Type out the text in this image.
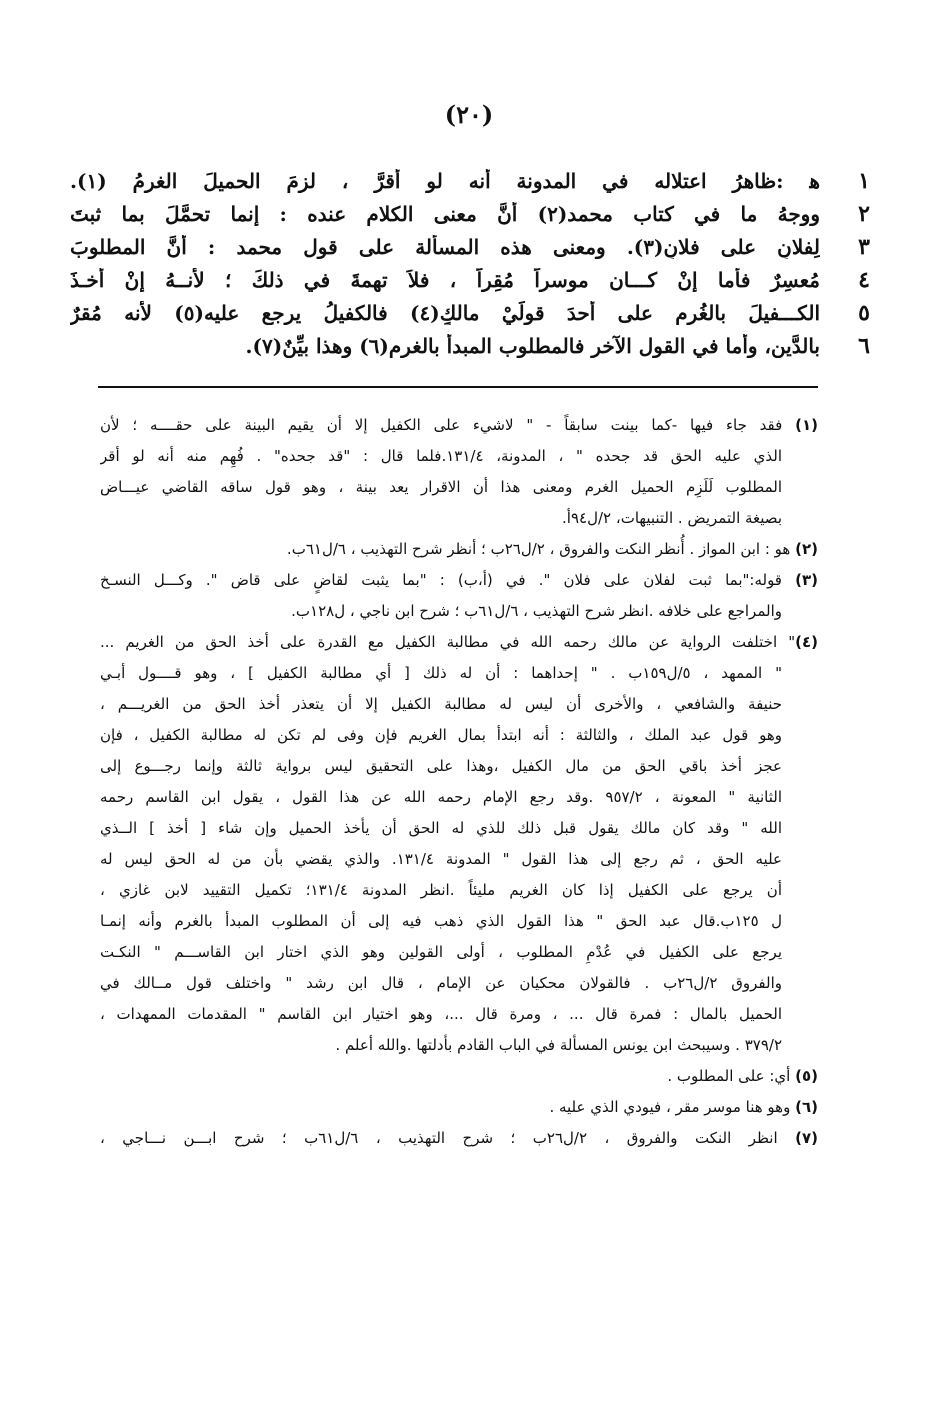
(٢٠)
١
ﮬ :ظاهرُ اعتلاله في المدونة أنه لو أقرَّ ، لزِمَ الحميلَ الغرمُ (١).
٢
ووجهُ ما في كتاب محمد(٢) أنَّ معنى الكلام عنده : إنما تحمَّلَ بما ثبتَ
٣
لِفلانٍ على فلانٍ(٣). ومعنى هذه المسألة على قول محمد : أنَّ المطلوبَ
٤
مُعسِرٌ فأما إنْ كـــان موسراً مُقِراً ، فلاَ تهمةَ في ذلكَ ؛ لأنــهُ إنْ أخـذَ
٥
الكـــفيلَ بالغُرمِ على أحدَ قولَيْ مالكٍ(٤) فالكفيلُ يرجع عليه(٥) لأنه مُقرٌ
٦
بالدَّينِ، وأما في القول الآخرِ فالمطلوب المبدأُ بالغرمِ(٦) وهذا بيِّنٌ(٧).
(١) فقد جاء فيها -كما بينت سابقاً - " لاشيء على الكفيل إلا أن يقيم البينة على حقــــه ؛ لأن
الذي عليه الحق قد جحده " ، المدونة، ١٣١/٤.فلما قال : "قد جحده" . فُهِم منه أنه لو أقر
المطلوب لَلَزِم الحميل الغرم ومعنى هذا أن الاقرار يعد بينة ، وهو قول ساقه القاضي عيـــاض
بصيغة التمريض . التنبيهات، ٢/ل٩٤أ.
(٢) هو : ابن المواز . أُنظر النكت والفروق ، ٢/ل٢٦ب ؛ أنظر شرح التهذيب ، ٦/ل٦١ب.
(٣) قوله:"بما ثبت لفلان على فلان ". في (أ،ب) : "بما يثبت لقاضٍ على قاض ". وكـــل النسـخ
والمراجع على خلافه .انظر شرح التهذيب ، ٦/ل٦١ب ؛ شرح ابن ناجي ، ل١٢٨ب.
(٤)" اختلفت الرواية عن مالك رحمه الله في مطالبة الكفيل مع القدرة على أخذ الحق من الغريم ...
" الممهد ، ٥/ل١٥٩ب . " إحداهما : أن له ذلك [ أي مطالبة الكفيل ] ، وهو قــــول أبـي
حنيفة والشافعي ، والأخرى أن ليس له مطالبة الكفيل إلا أن يتعذر أخذ الحق من الغريـــم ،
وهو قول عبد الملك ، والثالثة : أنه ابتدأ بمال الغريم فإن وفى لم تكن له مطالبة الكفيل ، فإن
عجز أخذ باقي الحق من مال الكفيل ،وهذا على التحقيق ليس برواية ثالثة وإنما رجـــوع إلى
الثانية " المعونة ، ٩٥٧/٢ .وقد رجع الإمام رحمه الله عن هذا القول ، يقول ابن القاسم رحمه
الله " وقد كان مالك يقول قبل ذلك للذي له الحق أن يأخذ الحميل وإن شاء [ أخذ ] الــذي
عليه الحق ، ثم رجع إلى هذا القول " المدونة ١٣١/٤. والذي يقضي بأن من له الحق ليس له
أن يرجع على الكفيل إذا كان الغريم مليئاً .انظر المدونة ١٣١/٤؛ تكميل التقييد لابن غازي ،
ل ١٢٥ب.قال عبد الحق " هذا القول الذي ذهب فيه إلى أن المطلوب المبدأ بالغرم وأنه إنمـا
يرجع على الكفيل في عُدْمِ المطلوب ، أولى القولين وهو الذي اختار ابن القاســـم " النكـت
والفروق ٢/ل٢٦ب . فالقولان محكيان عن الإمام ، قال ابن رشد " واختلف قول مــالك في
الحميل بالمال : فمرة قال ... ، ومرة قال ...، وهو اختيار ابن القاسم " المقدمات الممهدات ،
٣٧٩/٢ . وسيبحث ابن يونس المسألة في الباب القادم بأدلتها .والله أعلم .
(٥) أي: على المطلوب .
(٦) وهو هنا موسر مقر ، فيودي الذي عليه .
(٧) انظر النكت والفروق ، ٢/ل٢٦ب ؛ شرح التهذيب ، ٦/ل٦١ب ؛ شرح ابـــن نـــاجي ،
